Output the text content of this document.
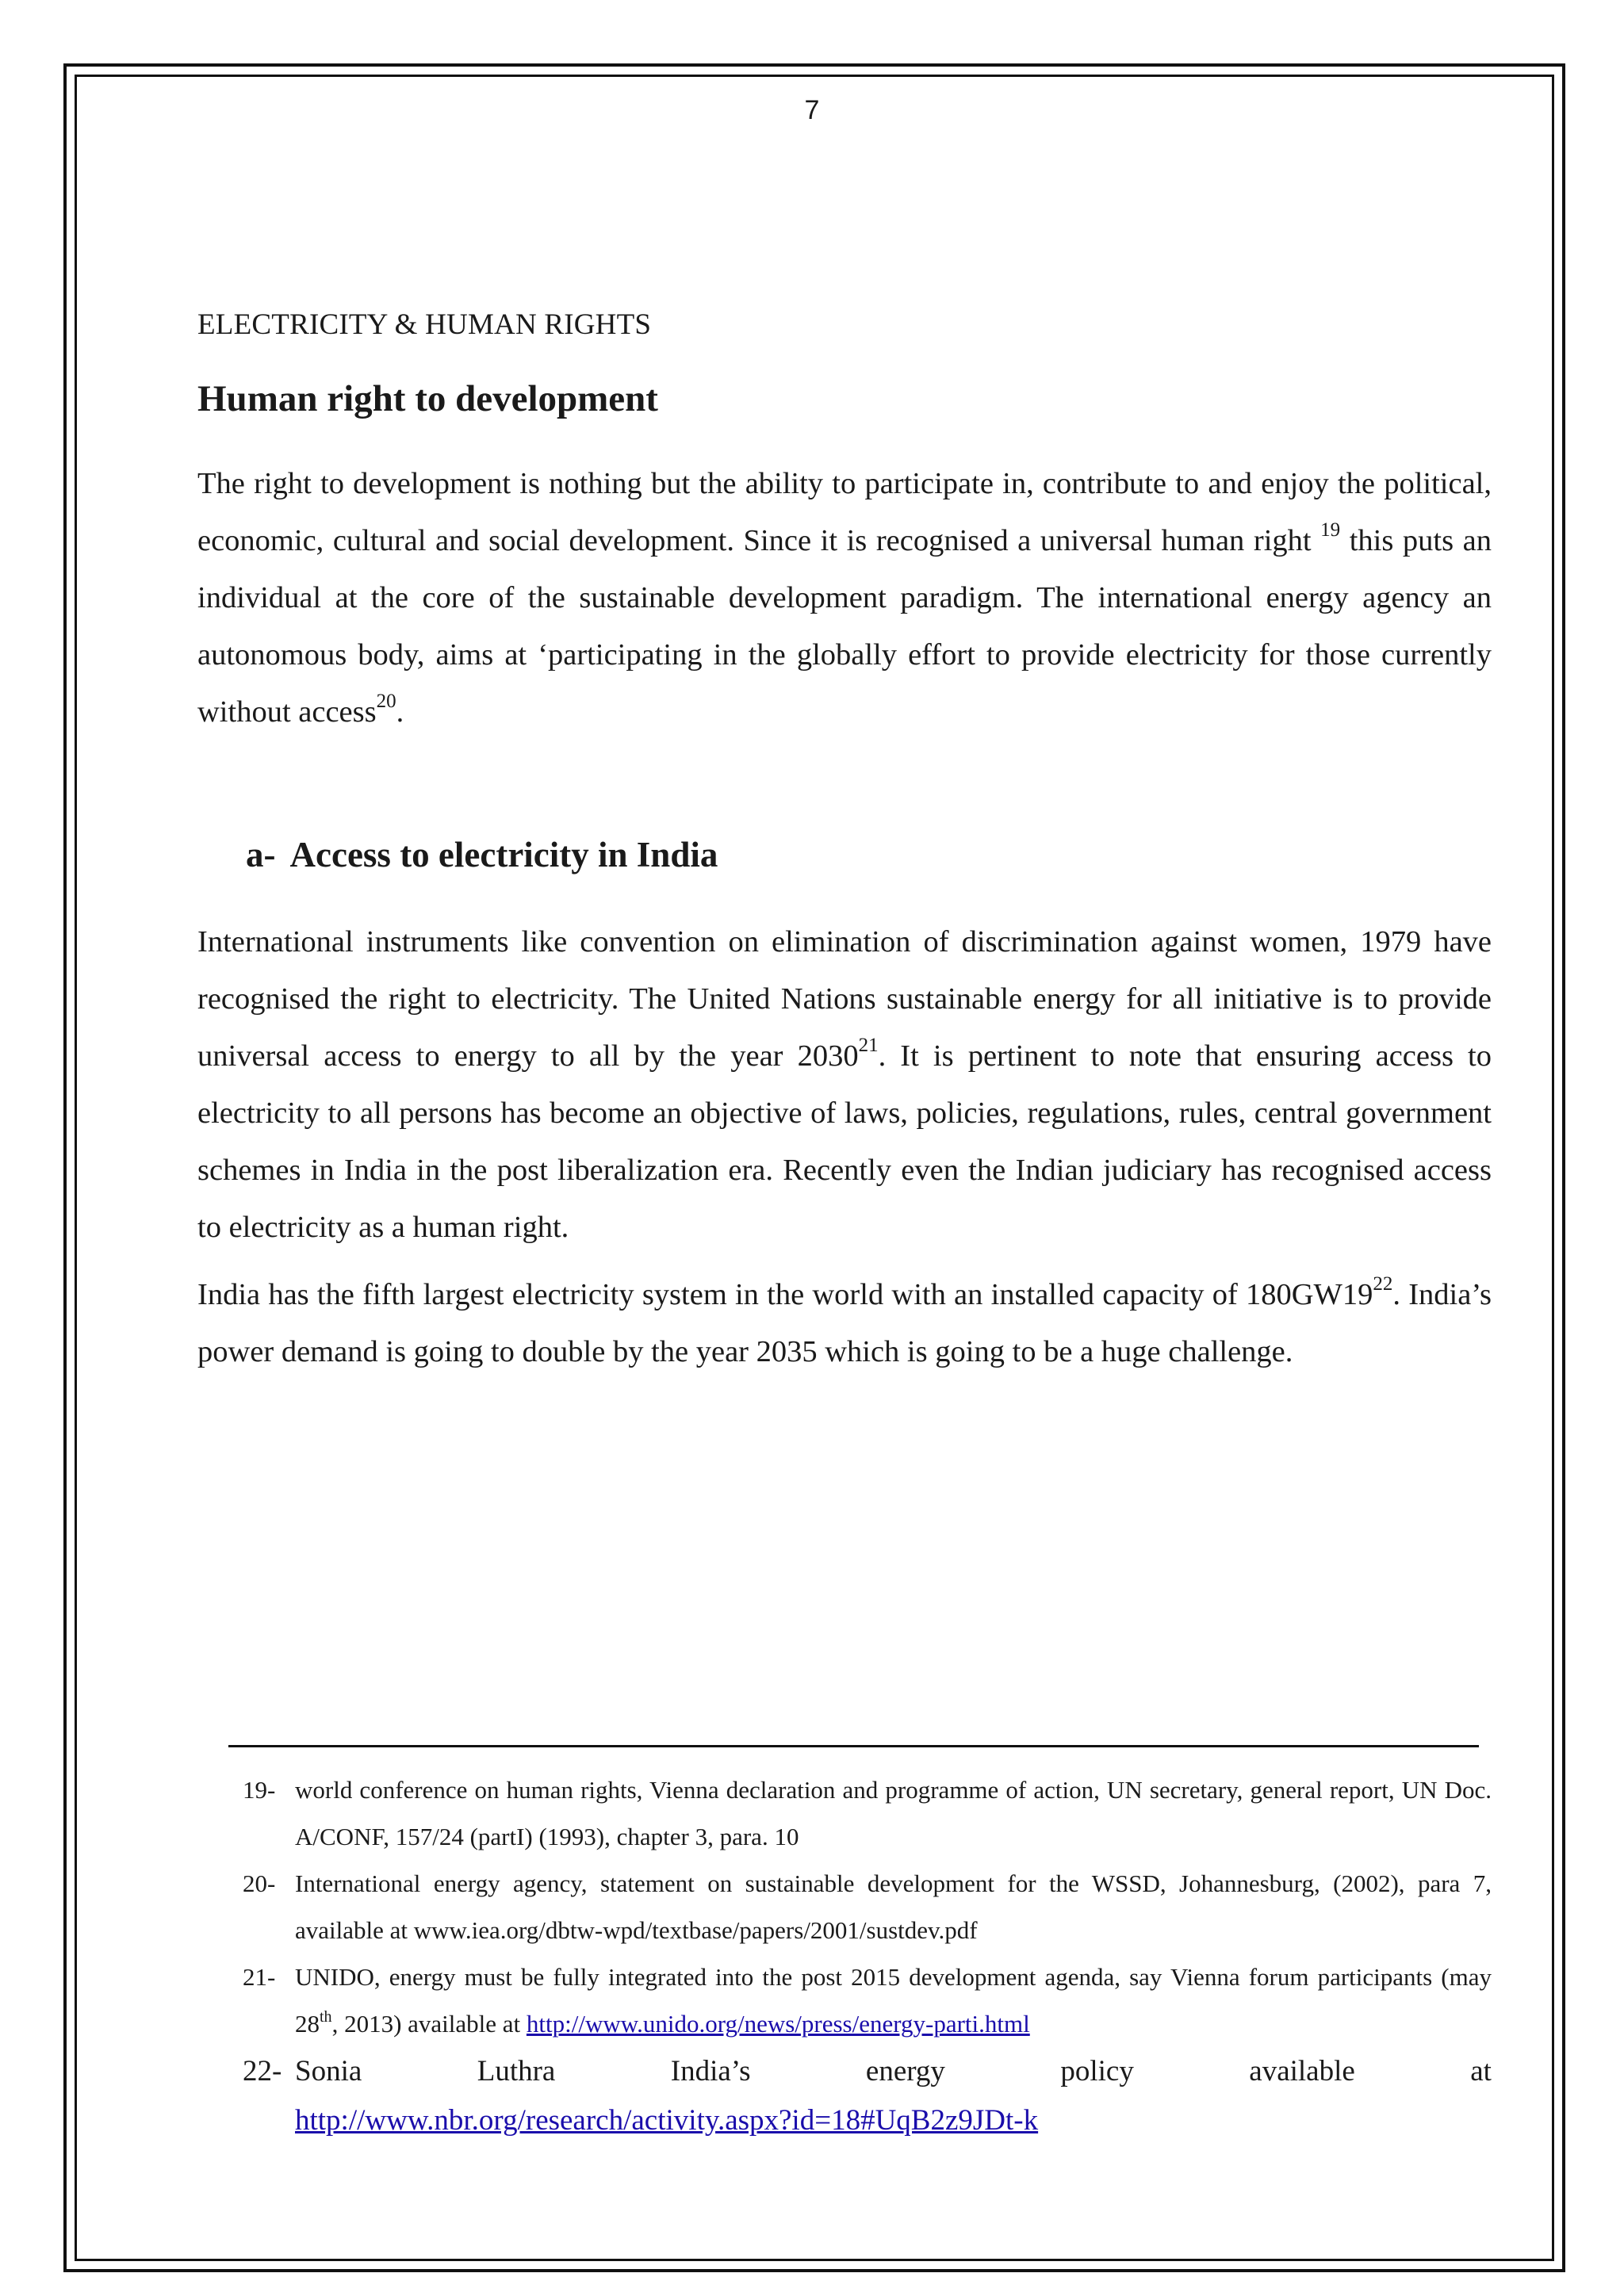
7
ELECTRICITY & HUMAN RIGHTS
Human right to development

The right to development is nothing but the ability to participate in, contribute to and enjoy the political, economic, cultural and social development. Since it is recognised a universal human right $^{19}$ this puts an individual at the core of the sustainable development paradigm. The international energy agency an autonomous body, aims at ‘participating in the globally effort to provide electricity for those currently without access$^{20}$.

a- Access to electricity in India

International instruments like convention on elimination of discrimination against women, 1979 have recognised the right to electricity. The United Nations sustainable energy for all initiative is to provide universal access to energy to all by the year 2030$^{21}$. It is pertinent to note that ensuring access to electricity to all persons has become an objective of laws, policies, regulations, rules, central government schemes in India in the post liberalization era. Recently even the Indian judiciary has recognised access to electricity as a human right.

India has the fifth largest electricity system in the world with an installed capacity of $180GW19^{22}$. India’s power demand is going to double by the year 2035 which is going to be a huge challenge.

19- world conference on human rights, Vienna declaration and programme of action, UN secretary, general report, UN Doc. A/CONF, 157/24 (partI) (1993), chapter 3, para. 10
20- International energy agency, statement on sustainable development for the WSSD, Johannesburg, (2002), para 7, available at www.iea.org/dbtw-wpd/textbase/papers/2001/sustdev.pdf
21- UNIDO, energy must be fully integrated into the post 2015 development agenda, say Vienna forum participants (may 28th, 2013) available at http://www.unido.org/news/press/energy-parti.html
22- Sonia	Luthra	India’s	energy	policy	available	at
http://www.nbr.org/research/activity.aspx?id=18#UqB2z9JDt-k
